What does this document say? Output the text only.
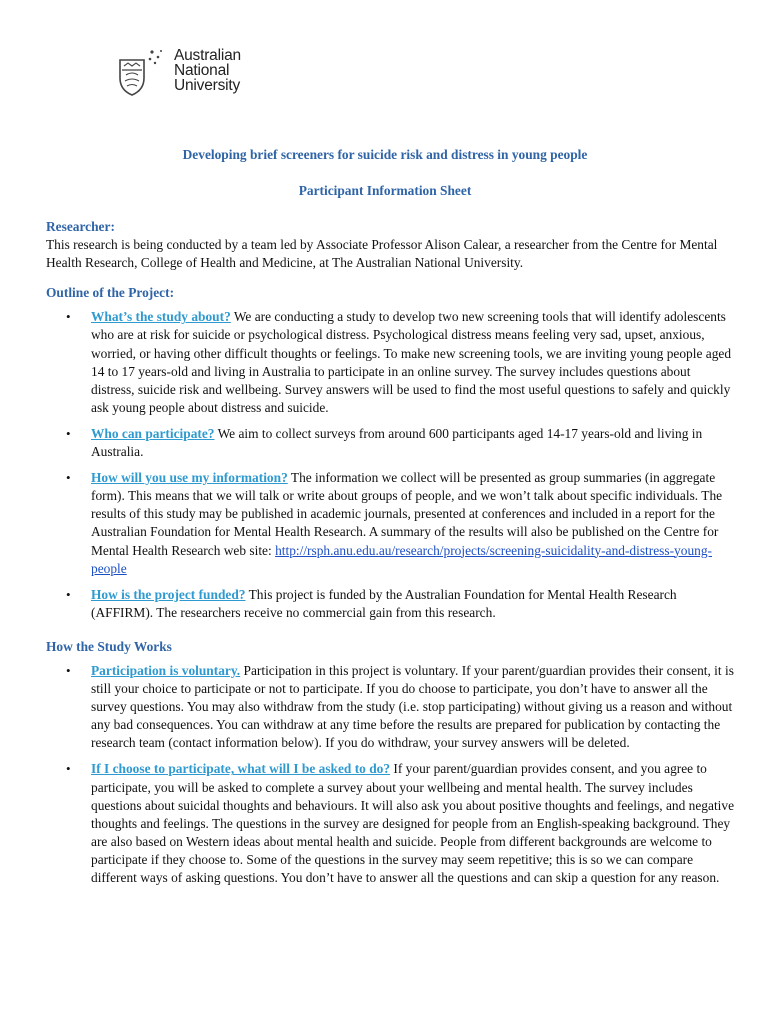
Australian
National
University
Developing brief screeners for suicide risk and distress in young people
Participant Information Sheet

Researcher:

This research is being conducted by a team led by Associate Professor Alison Calear, a researcher from the Centre for Mental Health Research, College of Health and Medicine, at The Australian National University.

Outline of the Project:

• What’s the study about? We are conducting a study to develop two new screening tools that will identify adolescents who are at risk for suicide or psychological distress. Psychological distress means feeling very sad, upset, anxious, worried, or having other difficult thoughts or feelings. To make new screening tools, we are inviting young people aged 14 to 17 years-old and living in Australia to participate in an online survey. The survey includes questions about distress, suicide risk and wellbeing. Survey answers will be used to find the most useful questions to safely and quickly ask young people about distress and suicide.
• Who can participate? We aim to collect surveys from around 600 participants aged 14-17 years-old and living in Australia.
• How will you use my information? The information we collect will be presented as group summaries (in aggregate form). This means that we will talk or write about groups of people, and we won’t talk about specific individuals. The results of this study may be published in academic journals, presented at conferences and included in a report for the Australian Foundation for Mental Health Research. A summary of the results will also be published on the Centre for Mental Health Research web site: http://rsph.anu.edu.au/research/projects/screening-suicidality-and-distress-young-people
• How is the project funded? This project is funded by the Australian Foundation for Mental Health Research (AFFIRM). The researchers receive no commercial gain from this research.

How the Study Works

• Participation is voluntary. Participation in this project is voluntary. If your parent/guardian provides their consent, it is still your choice to participate or not to participate. If you do choose to participate, you don’t have to answer all the survey questions. You may also withdraw from the study (i.e. stop participating) without giving us a reason and without any bad consequences. You can withdraw at any time before the results are prepared for publication by contacting the research team (contact information below). If you do withdraw, your survey answers will be deleted.
• If I choose to participate, what will I be asked to do? If your parent/guardian provides consent, and you agree to participate, you will be asked to complete a survey about your wellbeing and mental health. The survey includes questions about suicidal thoughts and behaviours. It will also ask you about positive thoughts and feelings, and negative thoughts and feelings. The questions in the survey are designed for people from an English-speaking background. They are also based on Western ideas about mental health and suicide. People from different backgrounds are welcome to participate if they choose to. Some of the questions in the survey may seem repetitive; this is so we can compare different ways of asking questions. You don’t have to answer all the questions and can skip a question for any reason.
